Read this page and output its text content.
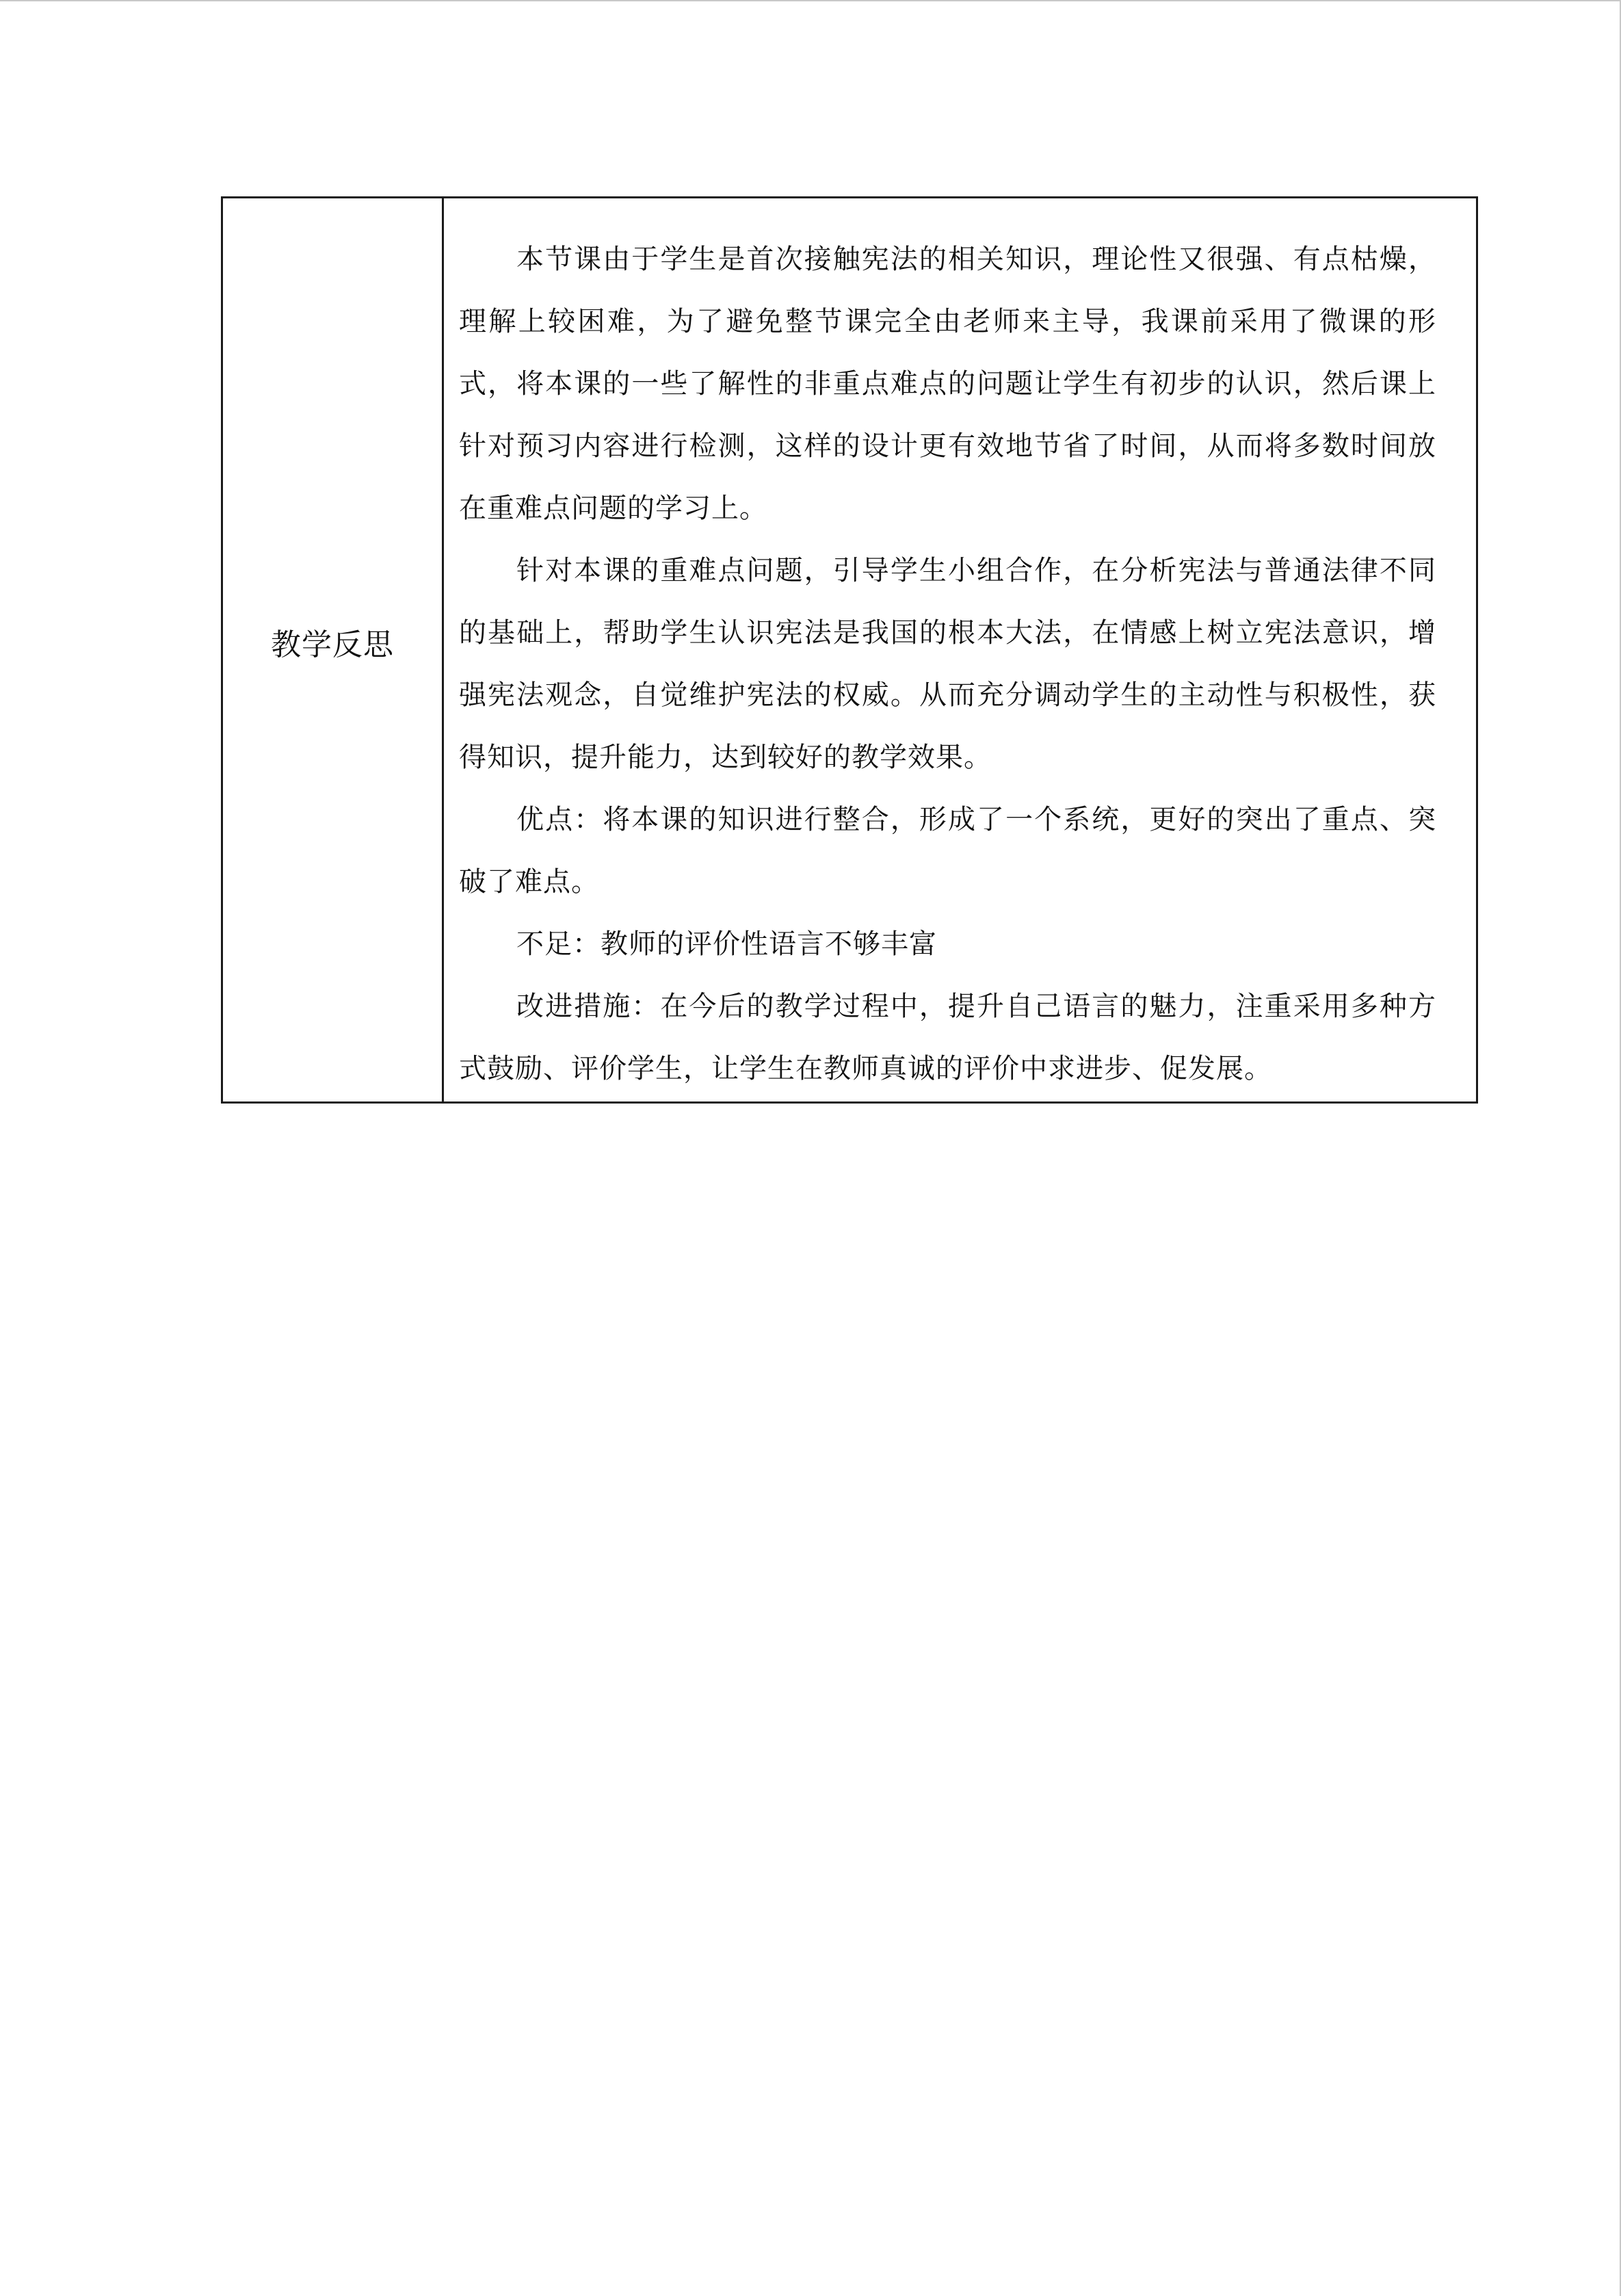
教学反思

本节课由于学生是首次接触宪法的相关知识，理论性又很强、有点枯燥，理解上较困难，为了避免整节课完全由老师来主导，我课前采用了微课的形式，将本课的一些了解性的非重点难点的问题让学生有初步的认识，然后课上针对预习内容进行检测，这样的设计更有效地节省了时间，从而将多数时间放在重难点问题的学习上。

针对本课的重难点问题，引导学生小组合作，在分析宪法与普通法律不同的基础上，帮助学生认识宪法是我国的根本大法，在情感上树立宪法意识，增强宪法观念，自觉维护宪法的权威。从而充分调动学生的主动性与积极性，获得知识，提升能力，达到较好的教学效果。

优点：将本课的知识进行整合，形成了一个系统，更好的突出了重点、突破了难点。

不足：教师的评价性语言不够丰富

改进措施：在今后的教学过程中，提升自己语言的魅力，注重采用多种方式鼓励、评价学生，让学生在教师真诚的评价中求进步、促发展。
